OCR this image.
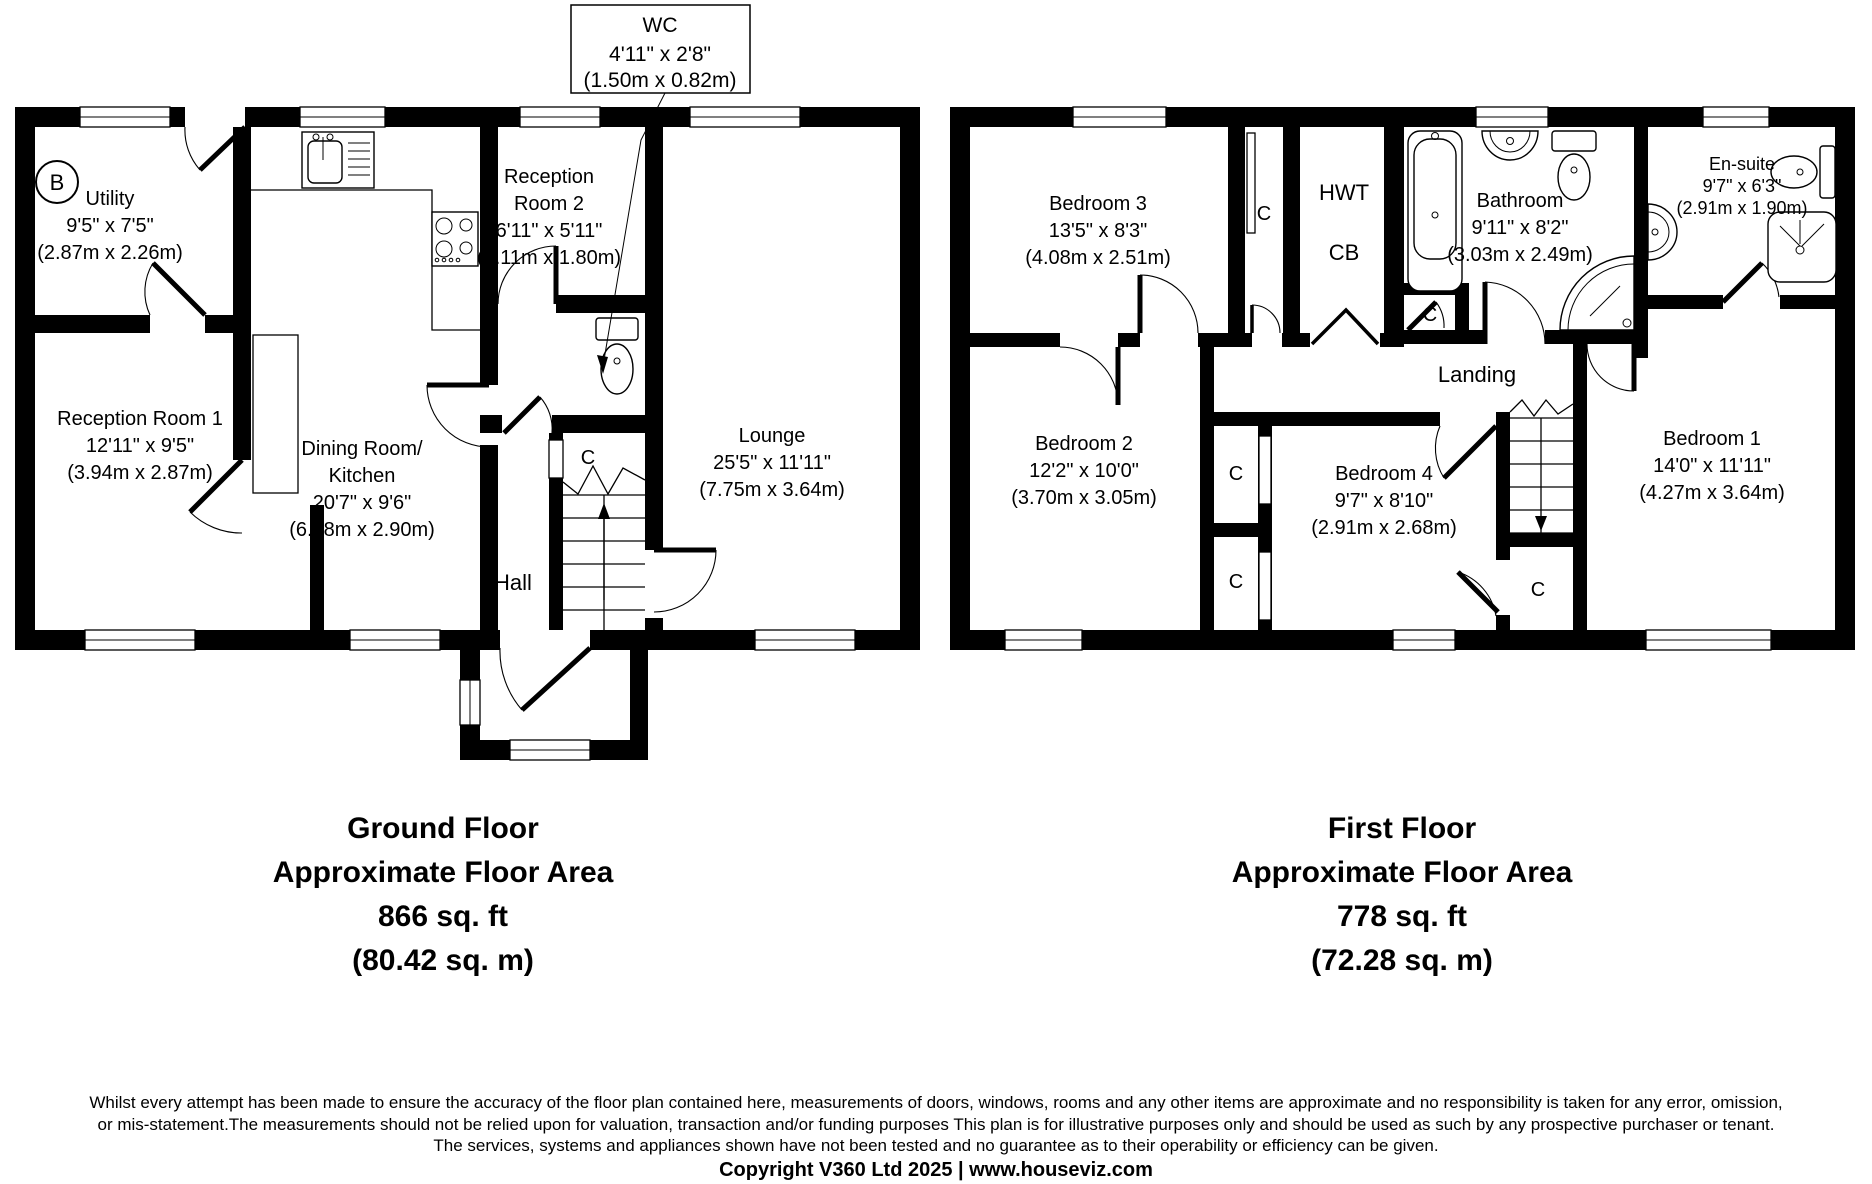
B
Utility
9'5" x 7'5"
(2.87m x 2.26m)
Reception Room 1
12'11" x 9'5"
(3.94m x 2.87m)
Dining Room/
Kitchen
20'7" x 9'6"
(6.28m x 2.90m)
Reception
Room 2
6'11" x 5'11"
(2.11m x 1.80m)
Lounge
25'5" x 11'11"
(7.75m x 3.64m)
Hall
C
WC
4'11" x 2'8"
(1.50m x 0.82m)
Bedroom 3
13'5" x 8'3"
(4.08m x 2.51m)
C
HWT
CB
Bathroom
9'11" x 8'2"
(3.03m x 2.49m)
En-suite
9'7" x 6'3"
(2.91m x 1.90m)
Landing
C
Bedroom 2
12'2" x 10'0"
(3.70m x 3.05m)
C
C
Bedroom 4
9'7" x 8'10"
(2.91m x 2.68m)
C
Bedroom 1
14'0" x 11'11"
(4.27m x 3.64m)
Ground Floor
Approximate Floor Area
866 sq. ft
(80.42 sq. m)
First Floor
Approximate Floor Area
778 sq. ft
(72.28 sq. m)
Whilst every attempt has been made to ensure the accuracy of the floor plan contained here, measurements of doors, windows, rooms and any other items are approximate and no responsibility is taken for any error, omission,
or mis-statement.The measurements should not be relied upon for valuation, transaction and/or funding purposes This plan is for illustrative purposes only and should be used as such by any prospective purchaser or tenant.
The services, systems and appliances shown have not been tested and no guarantee as to their operability or efficiency can be given.
Copyright V360 Ltd 2025 | www.houseviz.com
